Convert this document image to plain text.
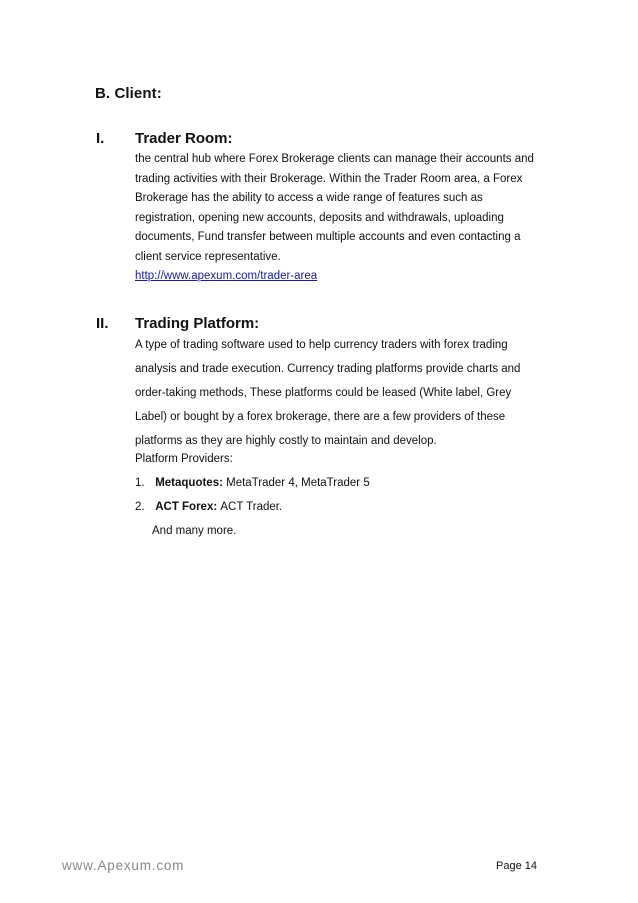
B. Client:
I. Trader Room:
the central hub where Forex Brokerage clients can manage their accounts and
trading activities with their Brokerage. Within the Trader Room area, a Forex
Brokerage has the ability to access a wide range of features such as
registration, opening new accounts, deposits and withdrawals, uploading
documents, Fund transfer between multiple accounts and even contacting a
client service representative.
http://www.apexum.com/trader-area
II. Trading Platform:
A type of trading software used to help currency traders with forex trading
analysis and trade execution. Currency trading platforms provide charts and
order-taking methods, These platforms could be leased (White label, Grey
Label) or bought by a forex brokerage, there are a few providers of these
platforms as they are highly costly to maintain and develop.
Platform Providers:
1. Metaquotes: MetaTrader 4, MetaTrader 5
2. ACT Forex: ACT Trader.
And many more.
www.Apexum.com	Page 14
